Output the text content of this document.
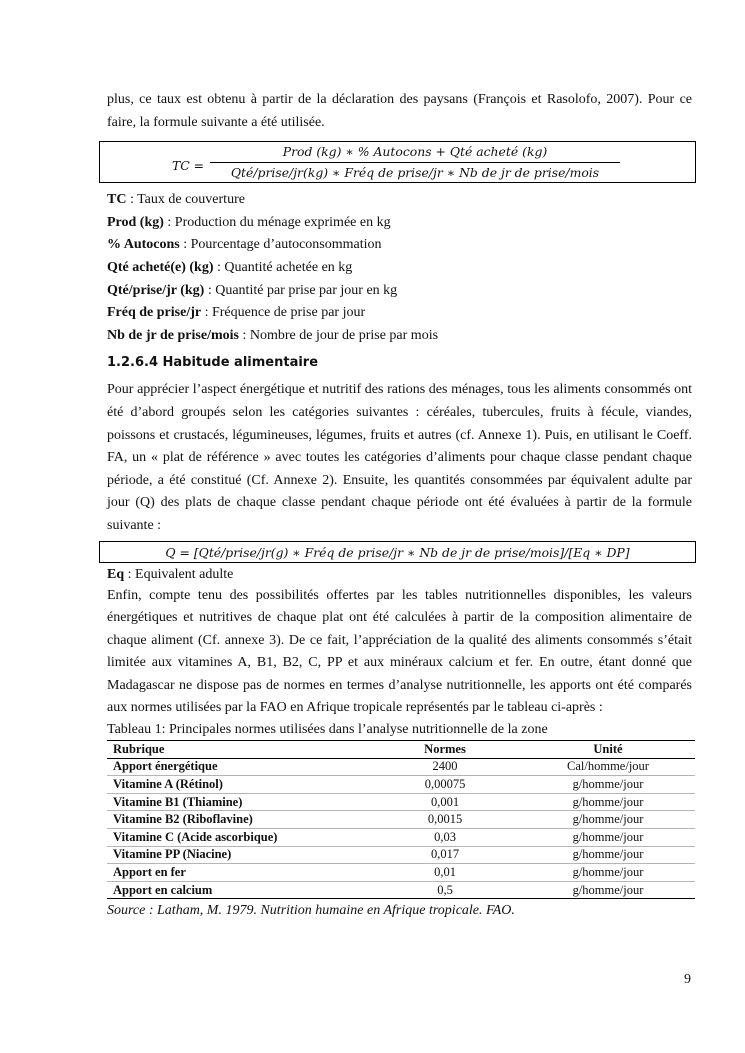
plus, ce taux est obtenu à partir de la déclaration des paysans (François et Rasolofo, 2007). Pour ce faire, la formule suivante a été utilisée.

TC =
Prod (kg) ∗ % Autocons + Qté acheté (kg)
Qté/prise/jr(kg) ∗ Fréq de prise/jr ∗ Nb de jr de prise/mois
TC : Taux de couverture
Prod (kg) : Production du ménage exprimée en kg
% Autocons : Pourcentage d’autoconsommation
Qté acheté(e) (kg) : Quantité achetée en kg
Qté/prise/jr (kg) : Quantité par prise par jour en kg
Fréq de prise/jr : Fréquence de prise par jour
Nb de jr de prise/mois : Nombre de jour de prise par mois
1.2.6.4 Habitude alimentaire

Pour apprécier l’aspect énergétique et nutritif des rations des ménages, tous les aliments consommés ont été d’abord groupés selon les catégories suivantes : céréales, tubercules, fruits à fécule, viandes, poissons et crustacés, légumineuses, légumes, fruits et autres (cf. Annexe 1). Puis, en utilisant le Coeff. FA, un « plat de référence » avec toutes les catégories d’aliments pour chaque classe pendant chaque période, a été constitué (Cf. Annexe 2). Ensuite, les quantités consommées par équivalent adulte par jour (Q) des plats de chaque classe pendant chaque période ont été évaluées à partir de la formule suivante :

Q = [Qté/prise/jr(g) ∗ Fréq de prise/jr ∗ Nb de jr de prise/mois]/[Eq ∗ DP]
Eq : Equivalent adulte

Enfin, compte tenu des possibilités offertes par les tables nutritionnelles disponibles, les valeurs énergétiques et nutritives de chaque plat ont été calculées à partir de la composition alimentaire de chaque aliment (Cf. annexe 3). De ce fait, l’appréciation de la qualité des aliments consommés s’était limitée aux vitamines A, B1, B2, C, PP et aux minéraux calcium et fer. En outre, étant donné que Madagascar ne dispose pas de normes en termes d’analyse nutritionnelle, les apports ont été comparés aux normes utilisées par la FAO en Afrique tropicale représentés par le tableau ci-après :

Tableau 1: Principales normes utilisées dans l’analyse nutritionnelle de la zone
Rubrique	Normes	Unité
Apport énergétique	2400	Cal/homme/jour
Vitamine A (Rétinol)	0,00075	g/homme/jour
Vitamine B1 (Thiamine)	0,001	g/homme/jour
Vitamine B2 (Riboflavine)	0,0015	g/homme/jour
Vitamine C (Acide ascorbique)	0,03	g/homme/jour
Vitamine PP (Niacine)	0,017	g/homme/jour
Apport en fer	0,01	g/homme/jour
Apport en calcium	0,5	g/homme/jour
Source : Latham, M. 1979. Nutrition humaine en Afrique tropicale. FAO.
9
